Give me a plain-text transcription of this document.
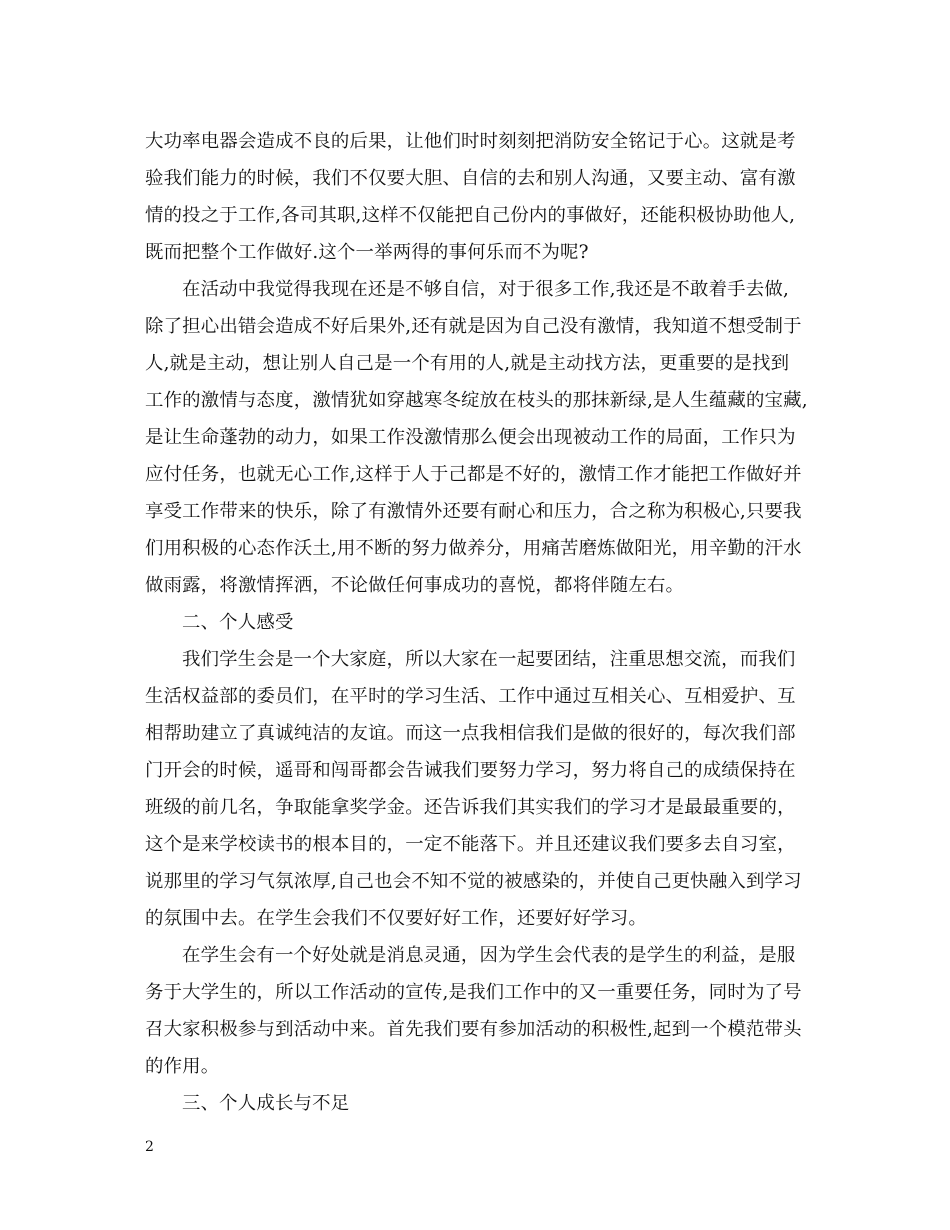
大功率电器会造成不良的后果，让他们时时刻刻把消防安全铭记于心。这就是考
验我们能力的时候，我们不仅要大胆、自信的去和别人沟通，又要主动、富有激
情的投之于工作,各司其职,这样不仅能把自己份内的事做好，还能积极协助他人,
既而把整个工作做好.这个一举两得的事何乐而不为呢?
在活动中我觉得我现在还是不够自信，对于很多工作,我还是不敢着手去做,
除了担心出错会造成不好后果外,还有就是因为自己没有激情，我知道不想受制于
人,就是主动，想让别人自己是一个有用的人,就是主动找方法，更重要的是找到
工作的激情与态度，激情犹如穿越寒冬绽放在枝头的那抹新绿,是人生蕴藏的宝藏,
是让生命蓬勃的动力，如果工作没激情那么便会出现被动工作的局面，工作只为
应付任务，也就无心工作,这样于人于己都是不好的，激情工作才能把工作做好并
享受工作带来的快乐，除了有激情外还要有耐心和压力，合之称为积极心,只要我
们用积极的心态作沃土,用不断的努力做养分，用痛苦磨炼做阳光，用辛勤的汗水
做雨露，将激情挥洒，不论做任何事成功的喜悦，都将伴随左右。
二、个人感受
我们学生会是一个大家庭，所以大家在一起要团结，注重思想交流，而我们
生活权益部的委员们，在平时的学习生活、工作中通过互相关心、互相爱护、互
相帮助建立了真诚纯洁的友谊。而这一点我相信我们是做的很好的，每次我们部
门开会的时候，遥哥和闯哥都会告诫我们要努力学习，努力将自己的成绩保持在
班级的前几名，争取能拿奖学金。还告诉我们其实我们的学习才是最最重要的，
这个是来学校读书的根本目的，一定不能落下。并且还建议我们要多去自习室，
说那里的学习气氛浓厚,自己也会不知不觉的被感染的，并使自己更快融入到学习
的氛围中去。在学生会我们不仅要好好工作，还要好好学习。
在学生会有一个好处就是消息灵通，因为学生会代表的是学生的利益，是服
务于大学生的，所以工作活动的宣传,是我们工作中的又一重要任务，同时为了号
召大家积极参与到活动中来。首先我们要有参加活动的积极性,起到一个模范带头
的作用。
三、个人成长与不足
2
